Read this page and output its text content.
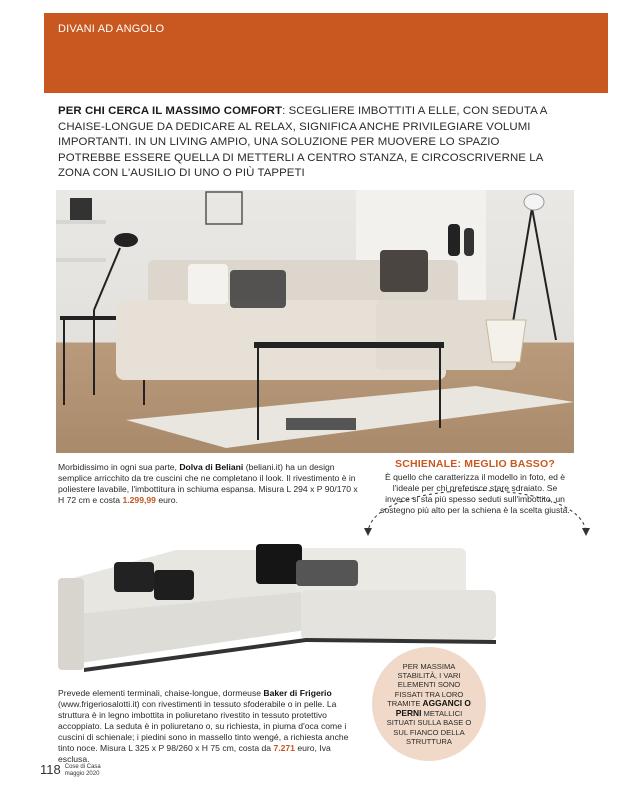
DIVANI AD ANGOLO
PER CHI CERCA IL MASSIMO COMFORT: SCEGLIERE IMBOTTITI A ELLE, CON SEDUTA A CHAISE-LONGUE DA DEDICARE AL RELAX, SIGNIFICA ANCHE PRIVILEGIARE VOLUMI IMPORTANTI. IN UN LIVING AMPIO, UNA SOLUZIONE PER MUOVERE LO SPAZIO POTREBBE ESSERE QUELLA DI METTERLI A CENTRO STANZA, E CIRCOSCRIVERNE LA ZONA CON L'AUSILIO DI UNO O PIÙ TAPPETI
Morbidissimo in ogni sua parte, Dolva di Beliani (beliani.it) ha un design semplice arricchito da tre cuscini che ne completano il look. Il rivestimento è in poliestere lavabile, l'imbottitura in schiuma espansa. Misura L 294 x P 90/170 x H 72 cm e costa 1.299,99 euro.
SCHIENALE: MEGLIO BASSO?
È quello che caratterizza il modello in foto, ed è l'ideale per chi preferisce stare sdraiato. Se invece si sta più spesso seduti sull'imbottito, un sostegno più alto per la schiena è la scelta giusta.
Prevede elementi terminali, chaise-longue, dormeuse Baker di Frigerio (www.frigeriosalotti.it) con rivestimenti in tessuto sfoderabile o in pelle. La struttura è in legno imbottita in poliuretano rivestito in tessuto protettivo accoppiato. La seduta è in poliuretano o, su richiesta, in piuma d'oca come i cuscini di schienale; i piedini sono in massello tinto wengé, a richiesta anche tinto noce. Misura L 325 x P 98/260 x H 75 cm, costa da 7.271 euro, Iva esclusa.
PER MASSIMA STABILITÀ, I VARI ELEMENTI SONO FISSATI TRA LORO TRAMITE AGGANCI O PERNI METALLICI SITUATI SULLA BASE O SUL FIANCO DELLA STRUTTURA
118 Cose di Casa
maggio 2020
